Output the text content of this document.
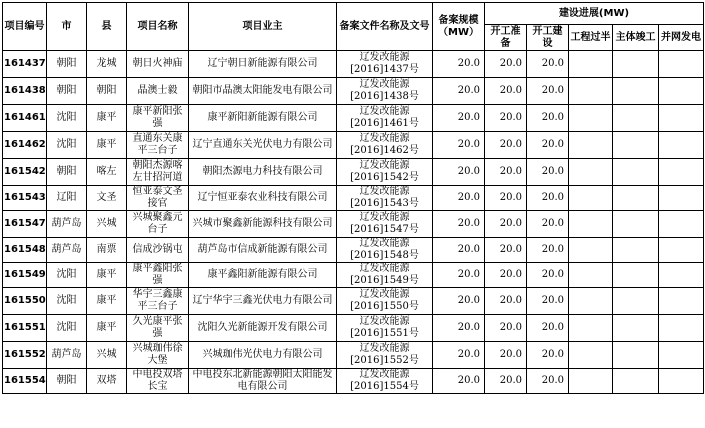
项目编号	市	县	项目名称	项目业主	备案文件名称及文号	备案规模（MW）	建设进展(MW)				
							开工准备	开工建设	工程过半	主体竣工	并网发电
161437	朝阳	龙城	朝日火神庙	辽宁朝日新能源有限公司	辽发改能源[2016]1437号	20.0	20.0	20.0			
161438	朝阳	朝阳	晶澳士毅	朝阳市晶澳太阳能发电有限公司	辽发改能源[2016]1438号	20.0	20.0	20.0			
161461	沈阳	康平	康平新阳张强	康平新阳新能源有限公司	辽发改能源[2016]1461号	20.0	20.0	20.0			
161462	沈阳	康平	直通东关康平三台子	辽宁直通东关光伏电力有限公司	辽发改能源[2016]1462号	20.0	20.0	20.0			
161542	朝阳	喀左	朝阳杰源喀左甘招河道	朝阳杰源电力科技有限公司	辽发改能源[2016]1542号	20.0	20.0	20.0			
161543	辽阳	文圣	恒亚泰文圣接官	辽宁恒亚泰农业科技有限公司	辽发改能源[2016]1543号	20.0	20.0	20.0			
161547	葫芦岛	兴城	兴城聚鑫元台子	兴城市聚鑫新能源科技有限公司	辽发改能源[2016]1547号	20.0	20.0	20.0			
161548	葫芦岛	南票	信成沙锅屯	葫芦岛市信成新能源有限公司	辽发改能源[2016]1548号	20.0	20.0	20.0			
161549	沈阳	康平	康平鑫阳张强	康平鑫阳新能源有限公司	辽发改能源[2016]1549号	20.0	20.0	20.0			
161550	沈阳	康平	华宇三鑫康平三台子	辽宁华宇三鑫光伏电力有限公司	辽发改能源[2016]1550号	20.0	20.0	20.0			
161551	沈阳	康平	久光康平张强	沈阳久光新能源开发有限公司	辽发改能源[2016]1551号	20.0	20.0	20.0			
161552	葫芦岛	兴城	兴城珈伟徐大堡	兴城珈伟光伏电力有限公司	辽发改能源[2016]1552号	20.0	20.0	20.0			
161554	朝阳	双塔	中电投双塔长宝	中电投东北新能源朝阳太阳能发电有限公司	辽发改能源[2016]1554号	20.0	20.0	20.0			
